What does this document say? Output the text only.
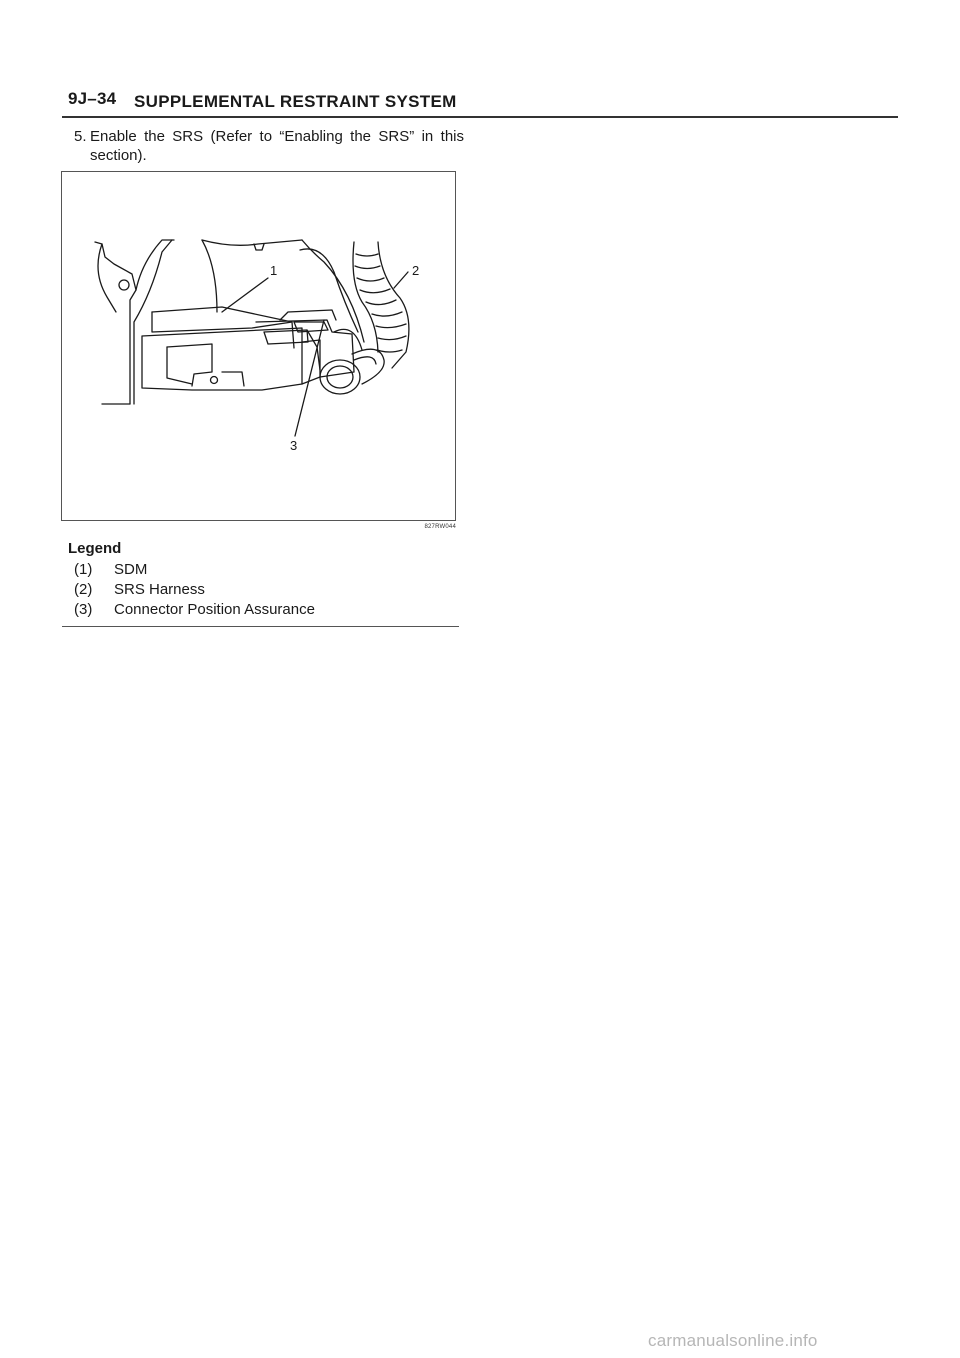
9J–34 SUPPLEMENTAL RESTRAINT SYSTEM
5. Enable the SRS (Refer to “Enabling the SRS” in this section).
1	2
3
827RW044
Legend
(1) SDM
(2) SRS Harness
(3) Connector Position Assurance
carmanualsonline.info
